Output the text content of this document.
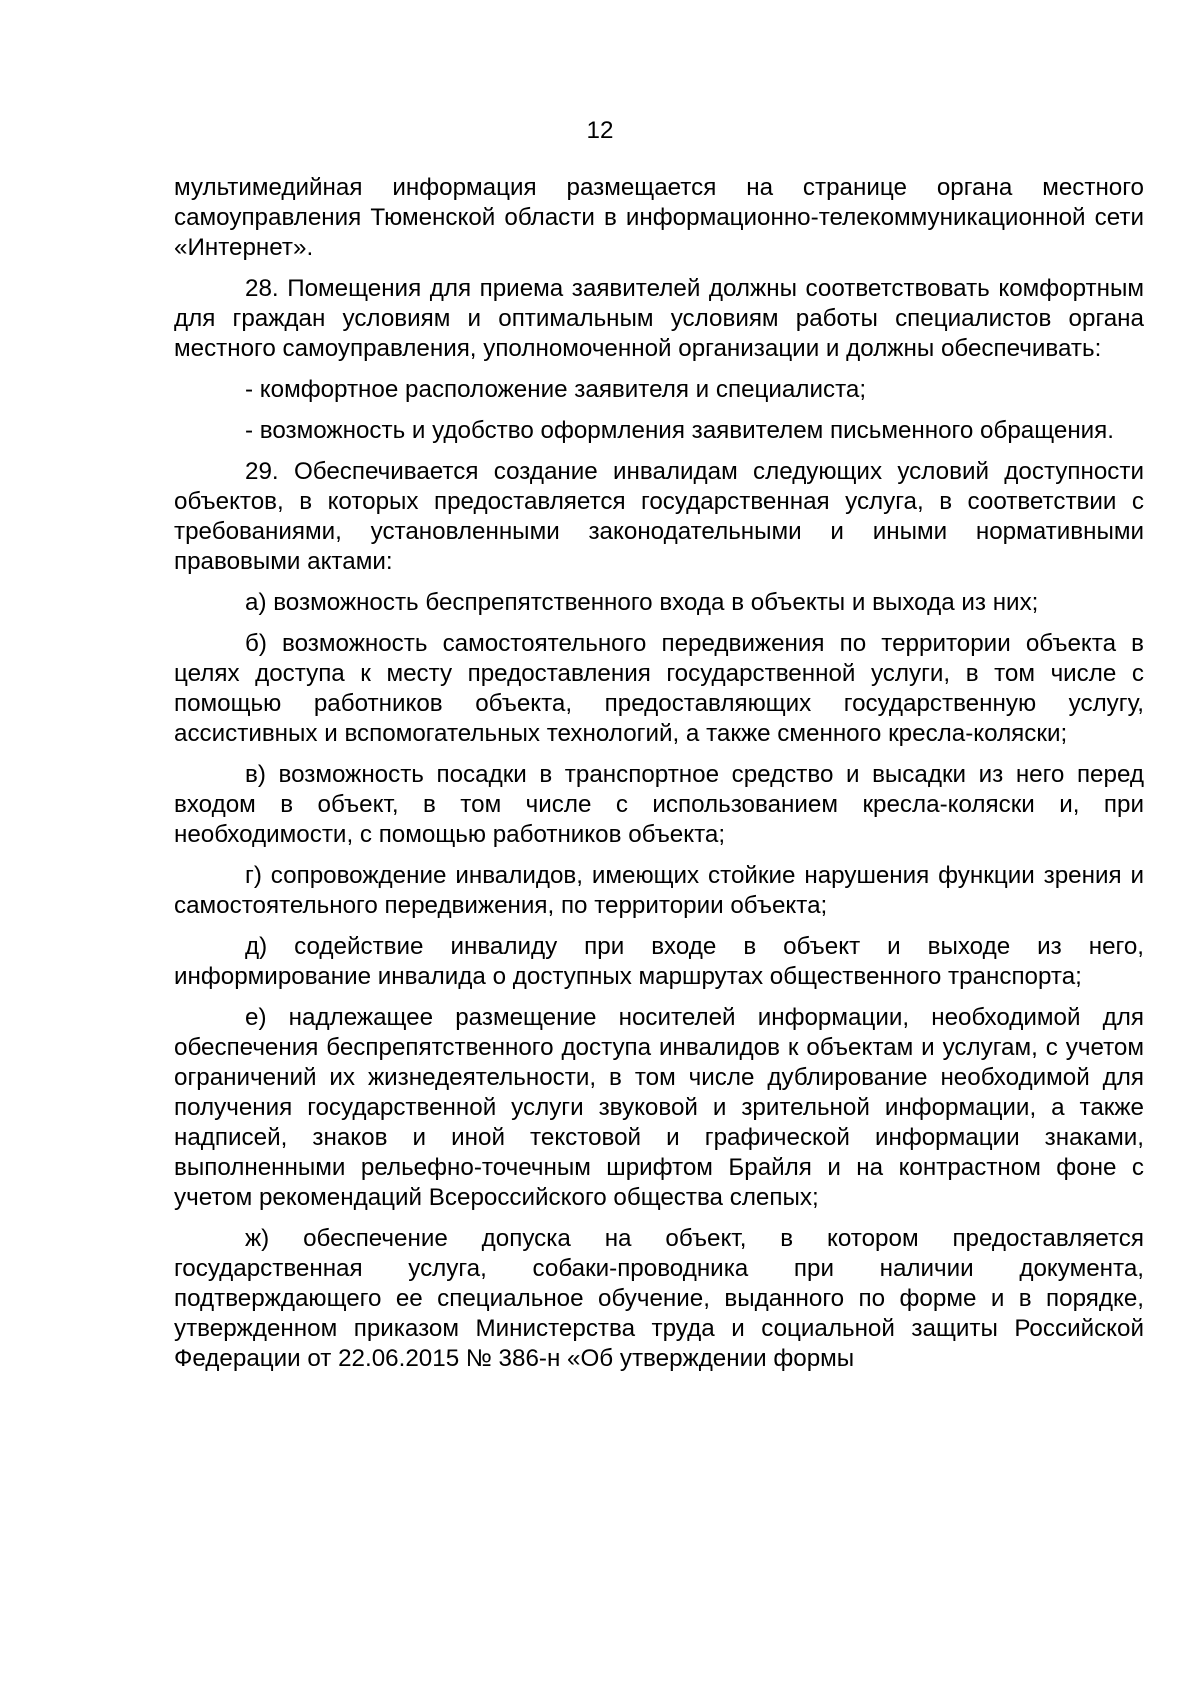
12

мультимедийная информация размещается на странице органа местного самоуправления Тюменской области в информационно-телекоммуникационной сети «Интернет».

28. Помещения для приема заявителей должны соответствовать комфортным для граждан условиям и оптимальным условиям работы специалистов органа местного самоуправления, уполномоченной организации и должны обеспечивать:

- комфортное расположение заявителя и специалиста;

- возможность и удобство оформления заявителем письменного обращения.

29. Обеспечивается создание инвалидам следующих условий доступности объектов, в которых предоставляется государственная услуга, в соответствии с требованиями, установленными законодательными и иными нормативными правовыми актами:

а) возможность беспрепятственного входа в объекты и выхода из них;

б) возможность самостоятельного передвижения по территории объекта в целях доступа к месту предоставления государственной услуги, в том числе с помощью работников объекта, предоставляющих государственную услугу, ассистивных и вспомогательных технологий, а также сменного кресла-коляски;

в) возможность посадки в транспортное средство и высадки из него перед входом в объект, в том числе с использованием кресла-коляски и, при необходимости, с помощью работников объекта;

г) сопровождение инвалидов, имеющих стойкие нарушения функции зрения и самостоятельного передвижения, по территории объекта;

д) содействие инвалиду при входе в объект и выходе из него, информирование инвалида о доступных маршрутах общественного транспорта;

е) надлежащее размещение носителей информации, необходимой для обеспечения беспрепятственного доступа инвалидов к объектам и услугам, с учетом ограничений их жизнедеятельности, в том числе дублирование необходимой для получения государственной услуги звуковой и зрительной информации, а также надписей, знаков и иной текстовой и графической информации знаками, выполненными рельефно-точечным шрифтом Брайля и на контрастном фоне с учетом рекомендаций Всероссийского общества слепых;

ж) обеспечение допуска на объект, в котором предоставляется государственная услуга, собаки-проводника при наличии документа, подтверждающего ее специальное обучение, выданного по форме и в порядке, утвержденном приказом Министерства труда и социальной защиты Российской Федерации от 22.06.2015 № 386-н «Об утверждении формы
